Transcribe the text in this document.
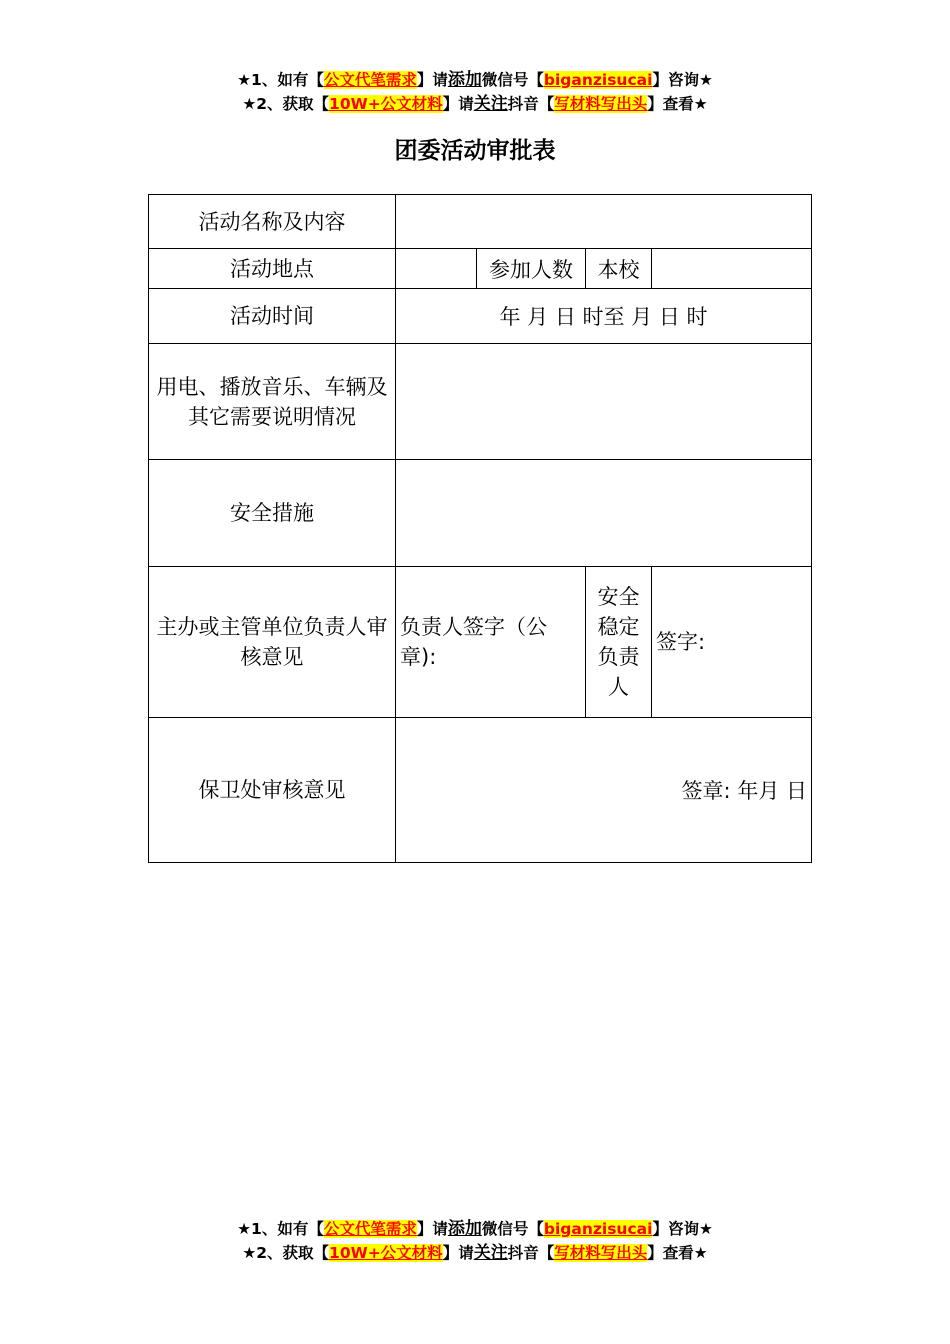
★1、如有【公文代笔需求】请添加微信号【biganzisucai】咨询★
★2、获取【10W+公文材料】请关注抖音【写材料写出头】查看★
团委活动审批表
活动名称及内容				
活动地点		参加人数	本校	
活动时间	年 月 日 时至 月 日 时			
用电、播放音乐、车辆及其它需要说明情况				
安全措施				
主办或主管单位负责人审核意见	负责人签字（公章):		安全稳定负责人	签字:
保卫处审核意见	签章: 年月 日			
★1、如有【公文代笔需求】请添加微信号【biganzisucai】咨询★
★2、获取【10W+公文材料】请关注抖音【写材料写出头】查看★
